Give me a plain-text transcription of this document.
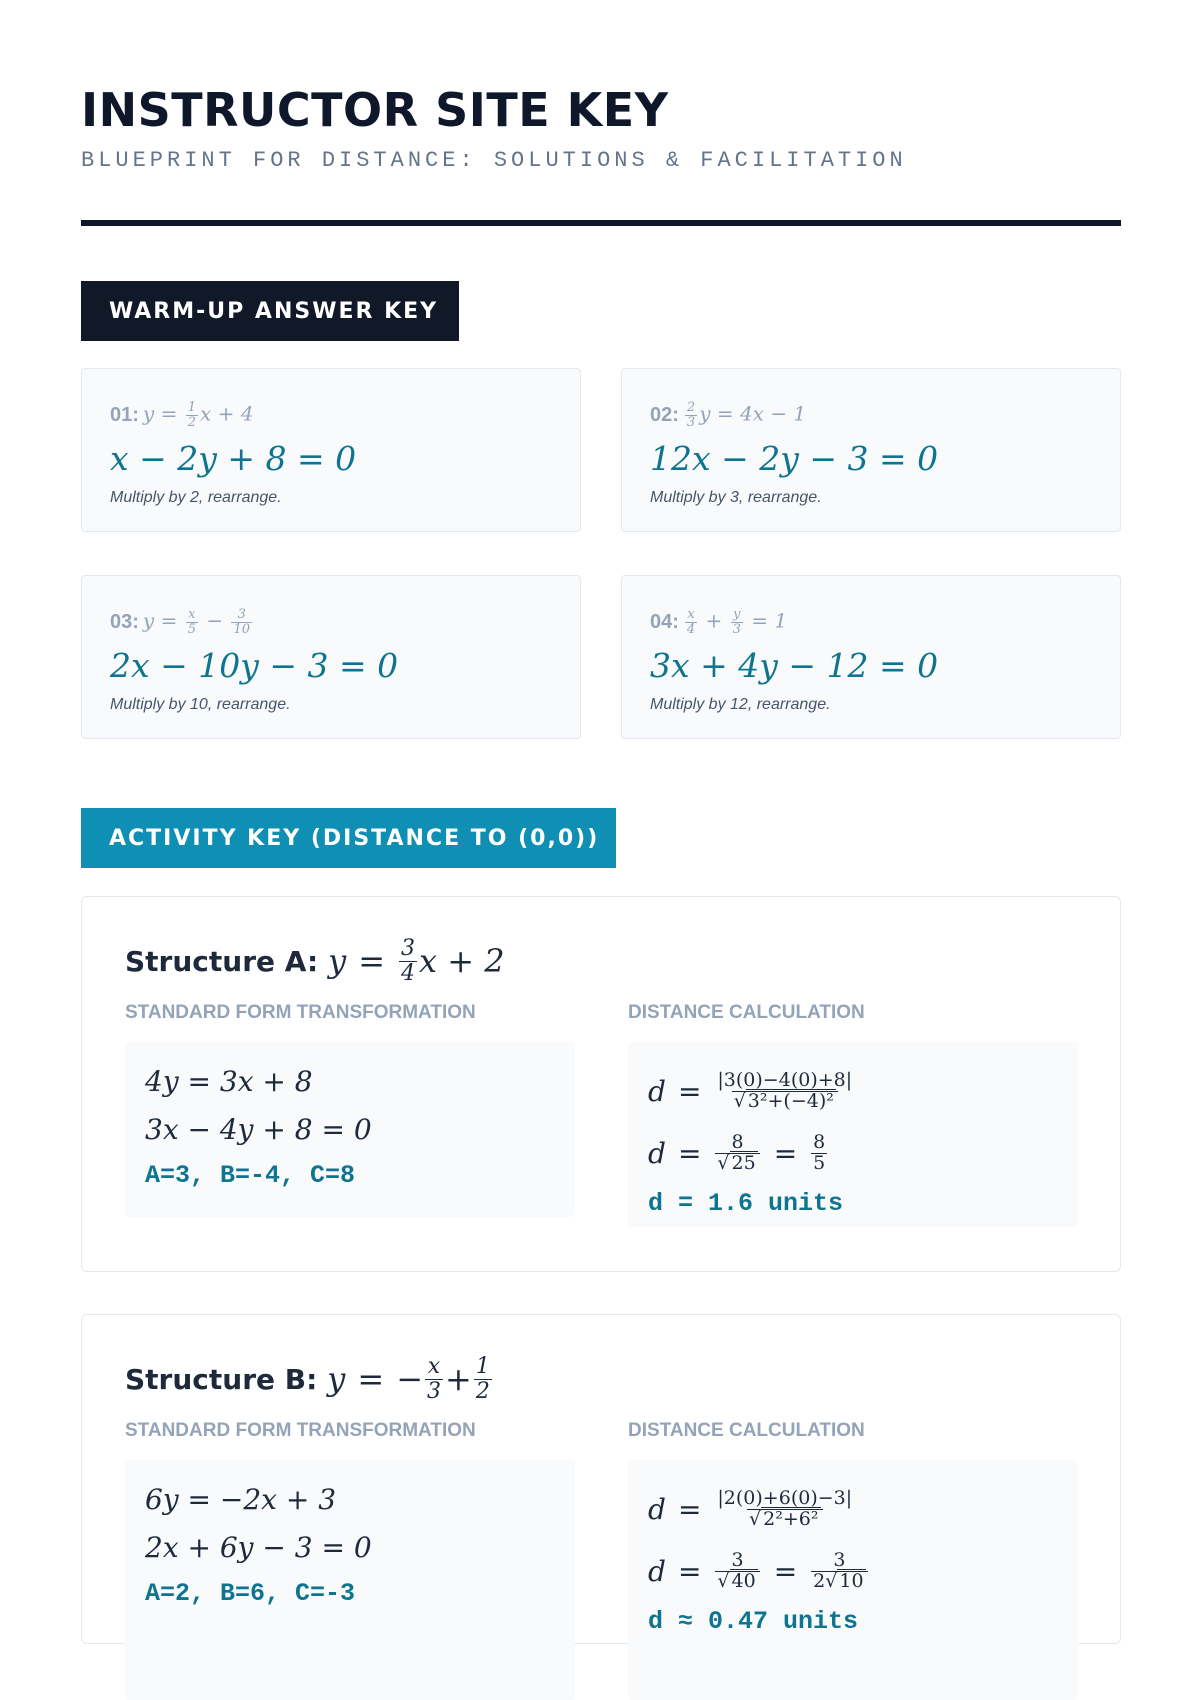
INSTRUCTOR SITE KEY
BLUEPRINT FOR DISTANCE: SOLUTIONS & FACILITATION
WARM-UP ANSWER KEY
01: $y = \frac{1}{2}$ x + 4
x − 2y + 8 = 0
Multiply by 2, rearrange.
02: $\frac{2}{3}$ y = 4x − 1
12x − 2y − 3 = 0
Multiply by 3, rearrange.
03: $y = \frac{x}{5} - \frac{3}{10}$
2x − 10y − 3 = 0
Multiply by 10, rearrange.
04: $\frac{x}{4} + \frac{y}{3} = 1$
3x + 4y − 12 = 0
Multiply by 12, rearrange.
ACTIVITY KEY (DISTANCE TO (0,0))
Structure A: $y = \frac{3}{4}$ x + 2
STANDARD FORM TRANSFORMATION	DISTANCE CALCULATION
4y = 3x + 8
3x − 4y + 8 = 0
A=3, B=-4, C=8
$d = \frac{|3(0)-4(0)+8|}{\text{√ 3²+(−4)²}}$
$d = \frac{8}{√ 25} = \frac{8}{5}$
d = 1.6 units
Structure B: y = − $\frac{x}{3} + \frac{1}{2}$
STANDARD FORM TRANSFORMATION	DISTANCE CALCULATION
6y = −2x + 3
2x + 6y − 3 = 0
A=2, B=6, C=-3
$d = \frac{|2(0)+6(0)-3|}{\text{√ 2²+6²}}$
$d = \frac{3}{√ 40} = \frac{3}{2√ 10}$
d ≈ 0.47 units
